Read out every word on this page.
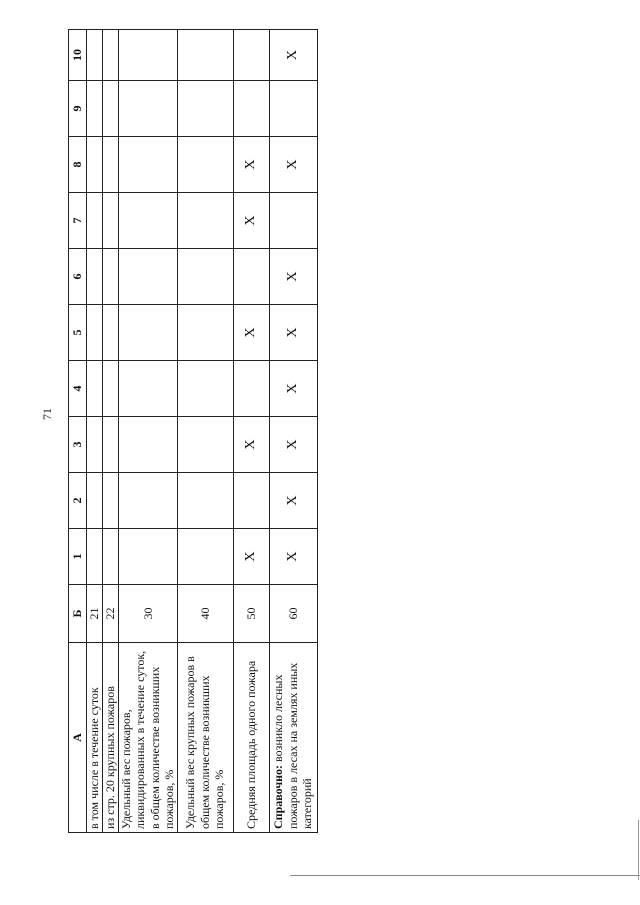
71
А	Б	1	2	3	4	5	6	7	8	9	10
в том числе в течение суток	21										
из стр. 20 крупных пожаров	22										
Удельный вес пожаров, ликвидированных в течение суток, в общем количестве возникших пожаров, %	30										
Удельный вес крупных пожаров в общем количестве возникших пожаров, %	40										
Средняя площадь одного пожара	50	X		X		X		X	X		
Справочно: возникло лесных пожаров в лесах на землях иных категорий	60	X	X	X	X	X	X		X		X
